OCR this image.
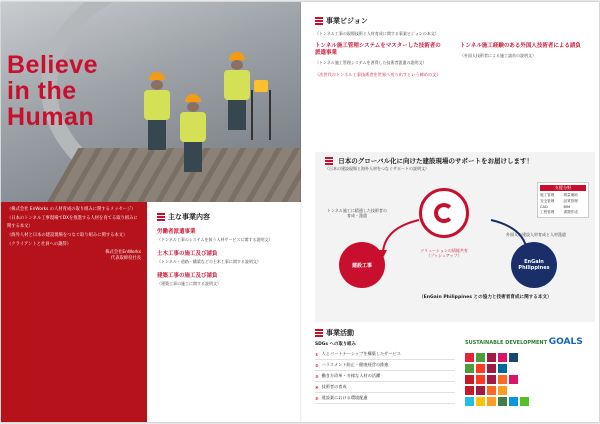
Believe
in the
Human

（株式会社 EnWorks の人材育成の取り組みに関するメッセージ）

（日本のトンネル工事現場でDXを推進する人材を育てる取り組みに関する本文）

（海外人材と日本の建設現場をつなぐ取り組みに関する本文）

（クライアントと社員への謝辞）

株式会社EnWorks
代表取締役社長
主な事業内容
労働者派遣事業
（トンネル工事のシステムを扱う人材サービスに関する説明文）
土木工事の施工及び請負
（トンネル・道路・橋梁などの土木工事に関する説明文）
建築工事の施工及び請負
（建築工事の施工に関する説明文）
事業ビジョン
（トンネル工事の現場技術と人材育成に関する事業ビジョンの本文）
トンネル施工管理システムをマスターした技術者の派遣事業
（トンネル施工管理システムを習得した技術者派遣の説明文）
トンネル施工経験のある外国人技術者による請負
（外国人技術者による施工請負の説明文）
（次世代のトンネル工事技術者を世界へ送り出すという締めの文）
日本のグローバル化に向けた建設現場のサポートをお届けします！
（日本の建設現場と海外人材をつなぐサポートの説明文）
トンネル施工に精通した技術者の育成・派遣
外国人の建設人材育成と人材派遣
ソリューションの情報共有（プッシュアップ）
建設工事
EnGain Philippines
支援分野
施工管理	測量補助
安全管理	品質管理
CAD	BIM
工程管理	書類作成
（EnGain Philippines との協力と技術者育成に関する本文）
事業活動
SDGs への取り組み
① 人とパートナーシップを構築したサービス
② ハラスメント防止・健康経営の推進
③ 働き方改革・多様な人材の活躍
④ 技術者の育成
⑤ 建設業における環境配慮
SUSTAINABLE DEVELOPMENT GOALS
